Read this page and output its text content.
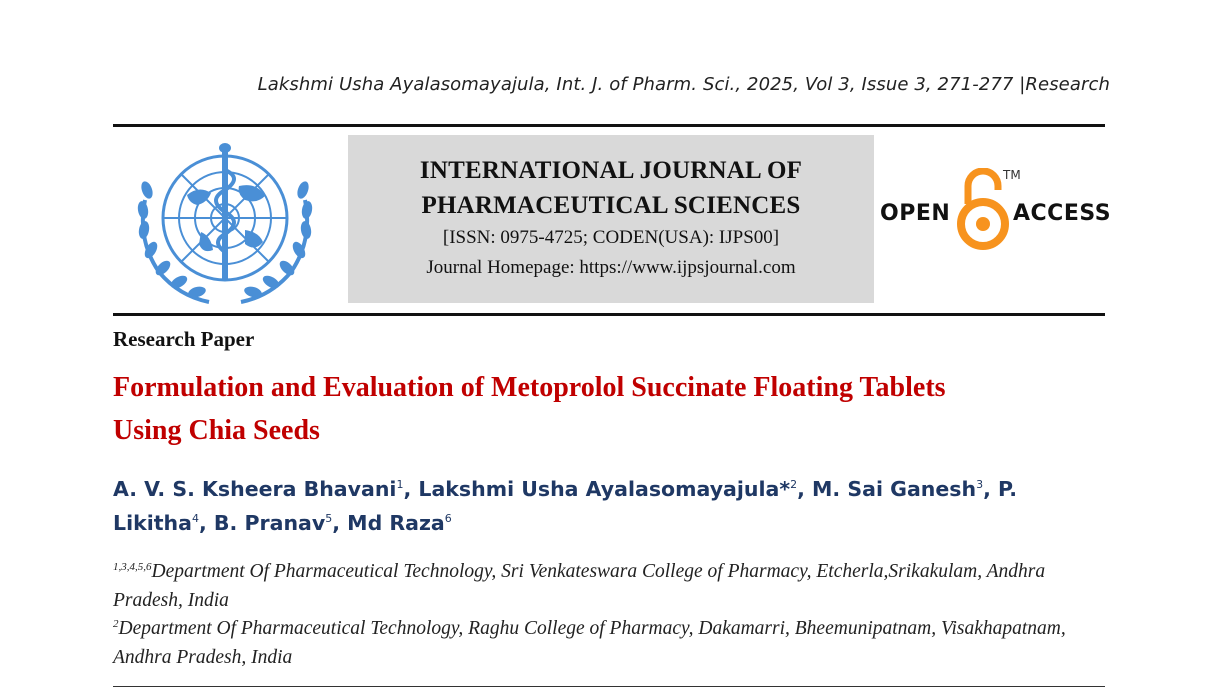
Lakshmi Usha Ayalasomayajula, Int. J. of Pharm. Sci., 2025, Vol 3, Issue 3, 271-277 |Research
INTERNATIONAL JOURNAL OF
PHARMACEUTICAL SCIENCES
[ISSN: 0975-4725; CODEN(USA): IJPS00]
Journal Homepage: https://www.ijpsjournal.com
OPEN
TM
ACCESS
Research Paper
Formulation and Evaluation of Metoprolol Succinate Floating Tablets
Using Chia Seeds
A. V. S. Ksheera Bhavani$^1$, Lakshmi Usha Ayalasomayajula*$^2$, M. Sai Ganesh$^3$, P. Likitha$^4$, B. Pranav$^5$, Md Raza$^6$
$^{1,3,4,5,6}$Department Of Pharmaceutical Technology, Sri Venkateswara College of Pharmacy, Etcherla,Srikakulam, Andhra Pradesh, India
$^2$Department Of Pharmaceutical Technology, Raghu College of Pharmacy, Dakamarri, Bheemunipatnam, Visakhapatnam, Andhra Pradesh, India
